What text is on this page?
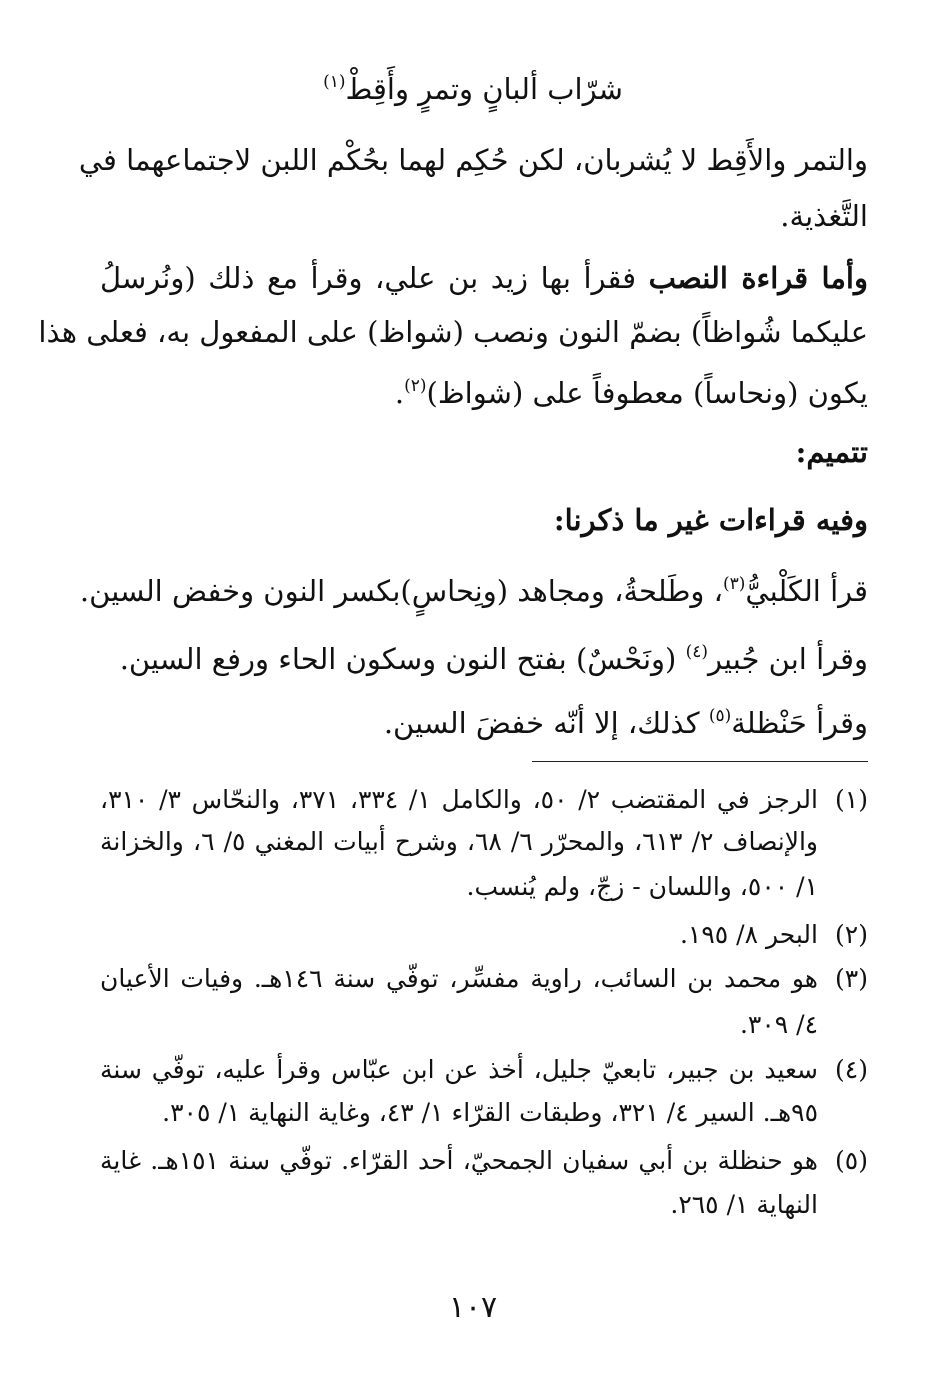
شرّاب ألبانٍ وتمرٍ وأَقِطْ$^{(١)}$
والتمر والأَقِط لا يُشربان، لكن حُكِم لهما بحُكْم اللبن لاجتماعهما في
التَّغذية.
وأما قراءة النصب فقرأ بها زيد بن علي، وقرأ مع ذلك (ونُرسلُ
عليكما شُواظاً) بضمّ النون ونصب (شواظ) على المفعول به، فعلى هذا
يكون (ونحاساً) معطوفاً على (شواظ)$^{(٢)}$.
تتميم:
وفيه قراءات غير ما ذكرنا:
قرأ الكَلْبيُّ$^{(٣)}$، وطَلحةُ، ومجاهد (ونِحاسٍ)بكسر النون وخفض السين.
وقرأ ابن جُبير$^{(٤)}$ (ونَحْسٌ) بفتح النون وسكون الحاء ورفع السين.
وقرأ حَنْظلة$^{(٥)}$ كذلك، إلا أنّه خفضَ السين.
(١)
الرجز في المقتضب ٢/ ٥٠، والكامل ١/ ٣٣٤، ٣٧١، والنحّاس ٣/ ٣١٠،
والإنصاف ٢/ ٦١٣، والمحرّر ٦/ ٦٨، وشرح أبيات المغني ٥/ ٦، والخزانة
١/ ٥٠٠، واللسان - زجّ، ولم يُنسب.
(٢)
البحر ٨/ ١٩٥.
(٣)
هو محمد بن السائب، راوية مفسِّر، توفّي سنة ١٤٦هـ. وفيات الأعيان
٤/ ٣٠٩.
(٤)
سعيد بن جبير، تابعيّ جليل، أخذ عن ابن عبّاس وقرأ عليه، توفّي سنة
٩٥هـ. السير ٤/ ٣٢١، وطبقات القرّاء ١/ ٤٣، وغاية النهاية ١/ ٣٠٥.
(٥)
هو حنظلة بن أبي سفيان الجمحيّ، أحد القرّاء. توفّي سنة ١٥١هـ. غاية
النهاية ١/ ٢٦٥.
١٠٧
